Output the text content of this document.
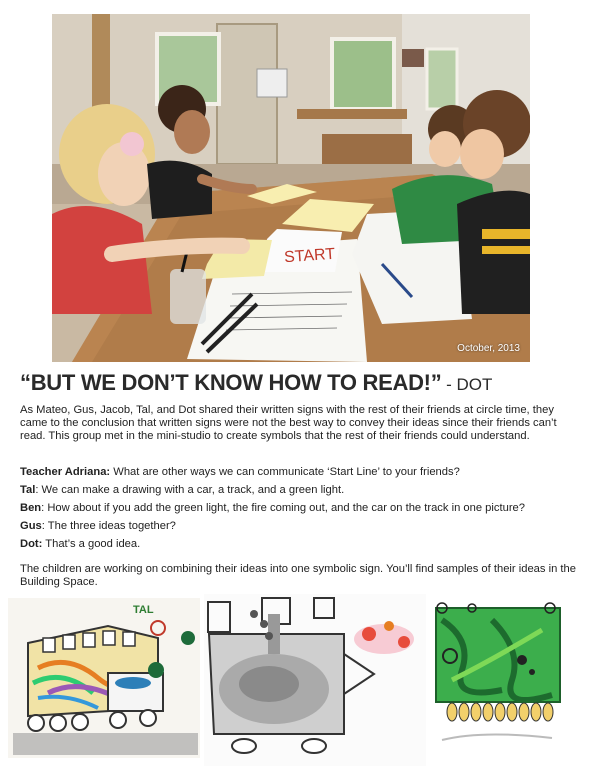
START
October, 2013
“BUT WE DON’T KNOW HOW TO READ!” - DOT
As Mateo, Gus, Jacob, Tal, and Dot shared their written signs with the rest of their friends at circle time, they came to the conclusion that written signs were not the best way to convey their ideas since their friends can’t read. This group met in the mini-studio to create symbols that the rest of their friends could understand.

Teacher Adriana: What are other ways we can communicate ‘Start Line’ to your friends?

Tal: We can make a drawing with a car, a track, and a green light.

Ben: How about if you add the green light, the fire coming out, and the car on the track in one picture?

Gus: The three ideas together?

Dot: That’s a good idea.

The children are working on combining their ideas into one symbolic sign. You’ll find samples of their ideas in the Building Space.
TAL
